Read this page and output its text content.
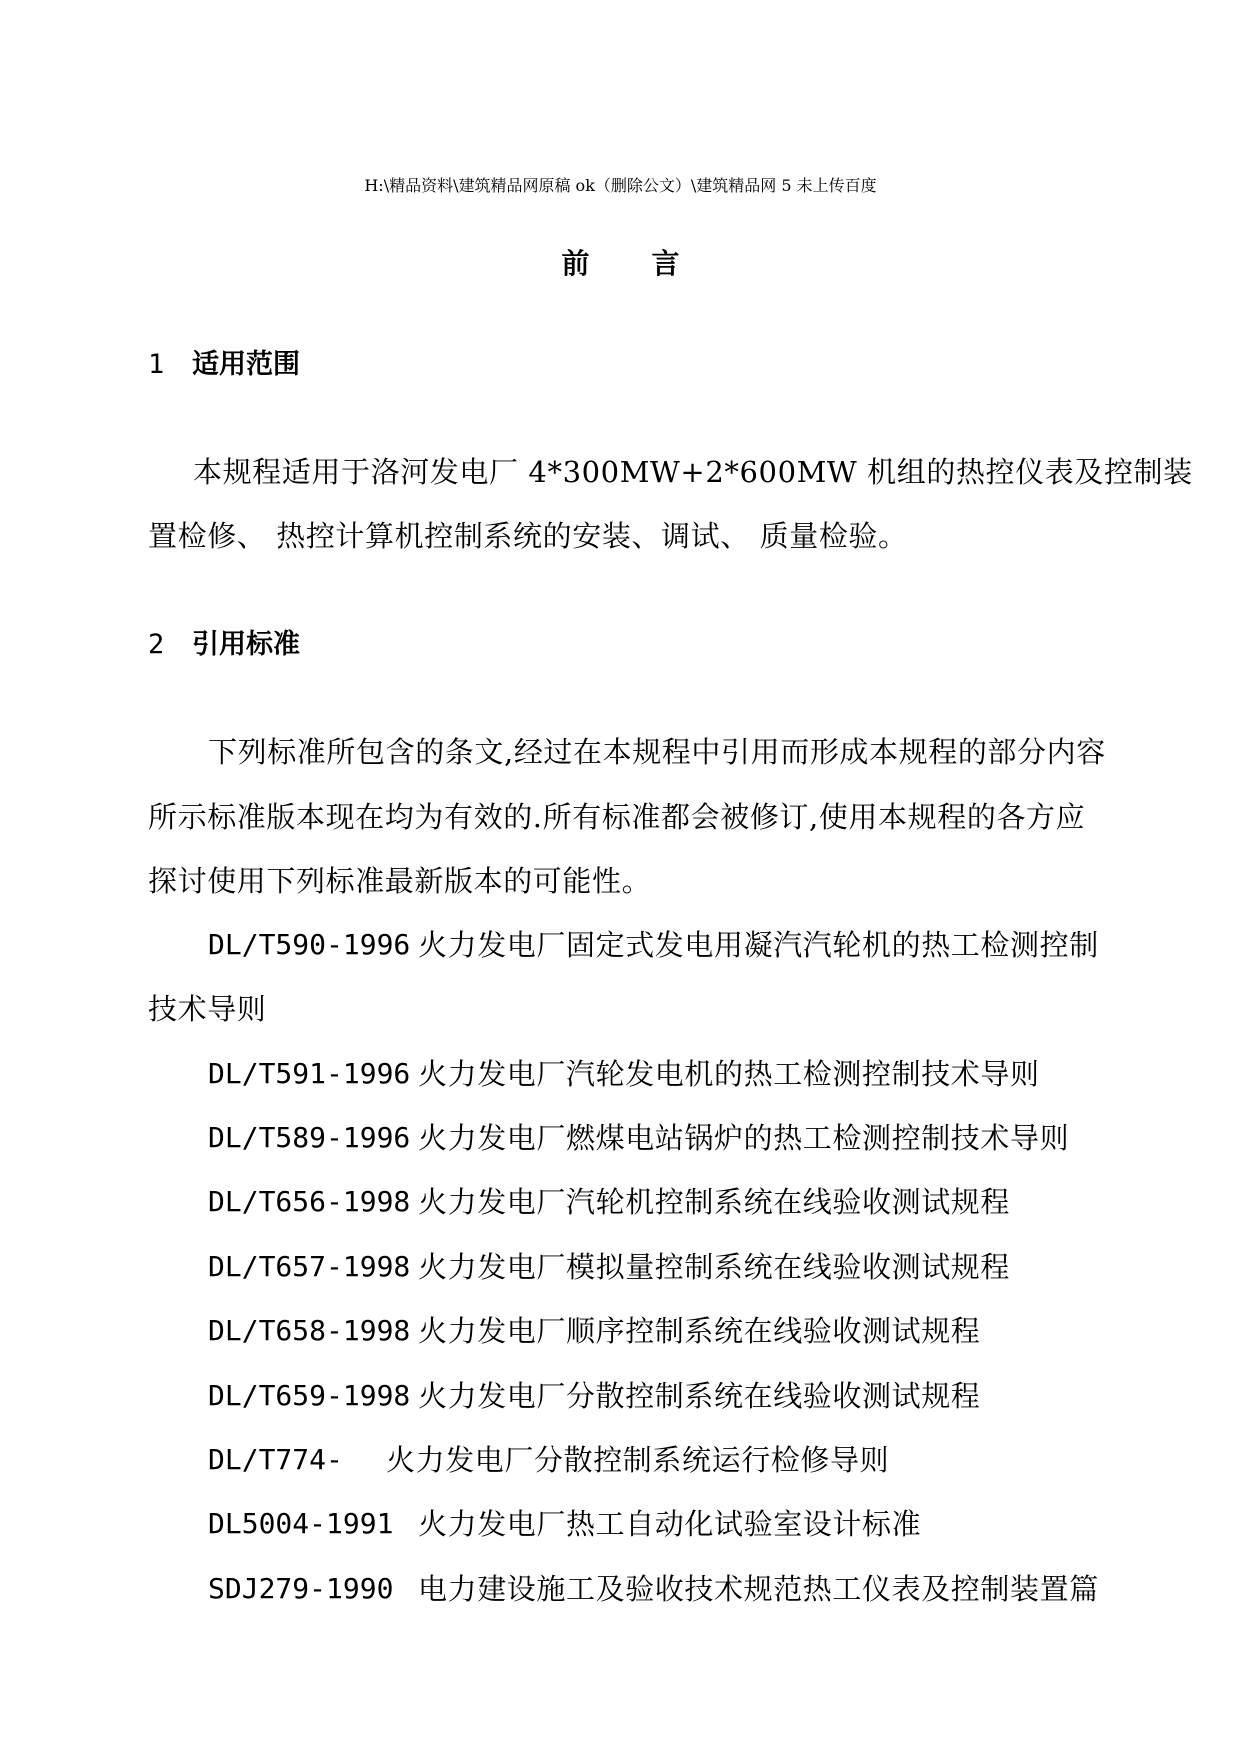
H:\精品资料\建筑精品网原稿 ok（删除公文）\建筑精品网 5 未上传百度
前 言
1 适用范围
本规程适用于洛河发电厂 4*300MW+2*600MW 机组的热控仪表及控制装
置检修、 热控计算机控制系统的安装、调试、 质量检验。
2 引用标准
下列标准所包含的条文,经过在本规程中引用而形成本规程的部分内容
所示标准版本现在均为有效的.所有标准都会被修订,使用本规程的各方应
探讨使用下列标准最新版本的可能性。
DL/T590-1996 火力发电厂固定式发电用凝汽汽轮机的热工检测控制
技术导则
DL/T591-1996 火力发电厂汽轮发电机的热工检测控制技术导则
DL/T589-1996 火力发电厂燃煤电站锅炉的热工检测控制技术导则
DL/T656-1998 火力发电厂汽轮机控制系统在线验收测试规程
DL/T657-1998 火力发电厂模拟量控制系统在线验收测试规程
DL/T658-1998 火力发电厂顺序控制系统在线验收测试规程
DL/T659-1998 火力发电厂分散控制系统在线验收测试规程
DL/T774- 火力发电厂分散控制系统运行检修导则
DL5004-1991 火力发电厂热工自动化试验室设计标准
SDJ279-1990 电力建设施工及验收技术规范热工仪表及控制装置篇
